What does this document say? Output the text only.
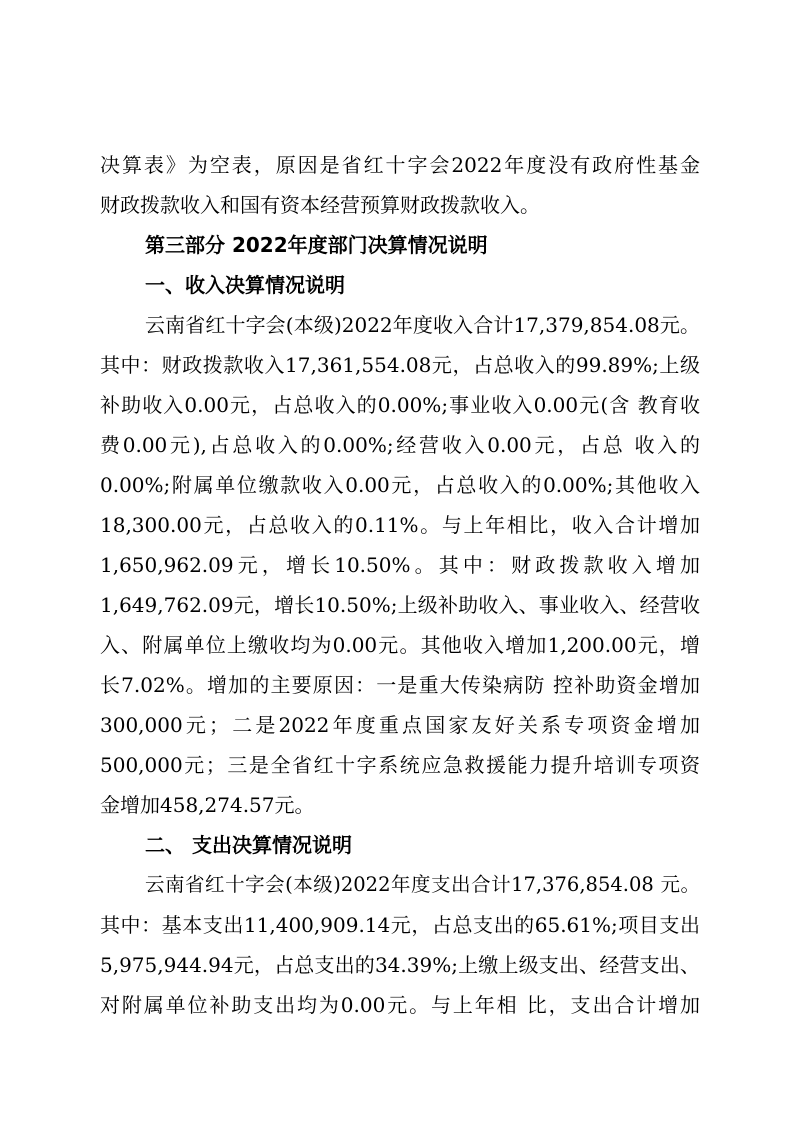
决算表》为空表，原因是省红十字会2022年度没有政府性基金
财政拨款收入和国有资本经营预算财政拨款收入。
第三部分 2022年度部门决算情况说明
一、收入决算情况说明
云南省红十字会(本级)2022年度收入合计17,379,854.08元。
其中：财政拨款收入17,361,554.08元，占总收入的99.89%;上级
补助收入0.00元，占总收入的0.00%;事业收入0.00元(含 教育收
费0.00元),占总收入的0.00%;经营收入0.00元，占总 收入的
0.00%;附属单位缴款收入0.00元，占总收入的0.00%;其他收入
18,300.00元，占总收入的0.11%。与上年相比，收入合计增加
1,650,962.09元，增长10.50%。其中：财政拨款收入增加
1,649,762.09元，增长10.50%;上级补助收入、事业收入、经营收
入、附属单位上缴收均为0.00元。其他收入增加1,200.00元，增
长7.02%。增加的主要原因：一是重大传染病防 控补助资金增加
300,000元；二是2022年度重点国家友好关系专项资金增加
500,000元；三是全省红十字系统应急救援能力提升培训专项资
金增加458,274.57元。
二、 支出决算情况说明
云南省红十字会(本级)2022年度支出合计17,376,854.08 元。
其中：基本支出11,400,909.14元，占总支出的65.61%;项目支出
5,975,944.94元，占总支出的34.39%;上缴上级支出、经营支出、
对附属单位补助支出均为0.00元。与上年相 比，支出合计增加
